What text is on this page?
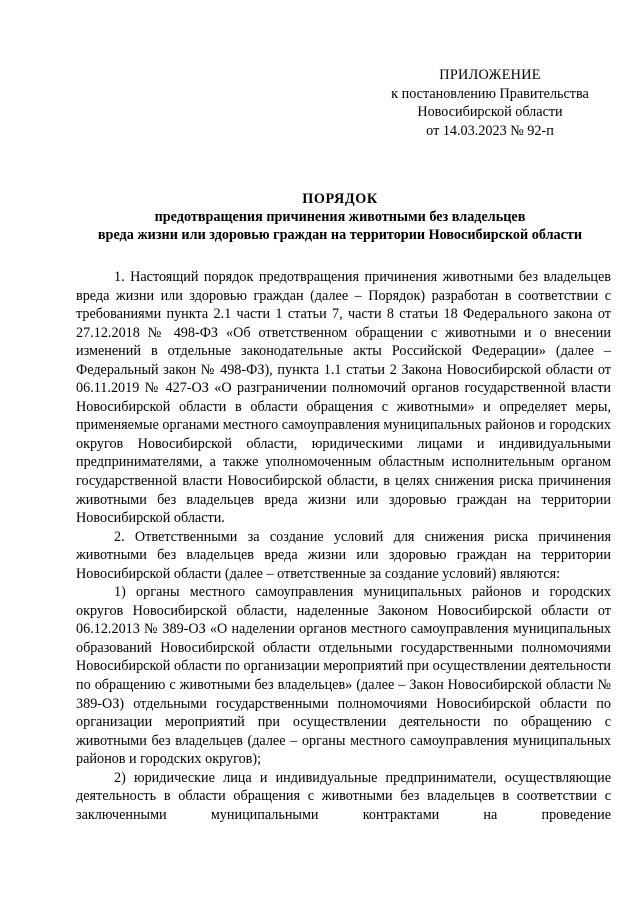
ПРИЛОЖЕНИЕ
к постановлению Правительства
Новосибирской области
от 14.03.2023 № 92-п
ПОРЯДОК
предотвращения причинения животными без владельцев
вреда жизни или здоровью граждан на территории Новосибирской области

1. Настоящий порядок предотвращения причинения животными без владельцев вреда жизни или здоровью граждан (далее – Порядок) разработан в соответствии с требованиями пункта 2.1 части 1 статьи 7, части 8 статьи 18 Федерального закона от 27.12.2018 № 498-ФЗ «Об ответственном обращении с животными и о внесении изменений в отдельные законодательные акты Российской Федерации» (далее – Федеральный закон № 498-ФЗ), пункта 1.1 статьи 2 Закона Новосибирской области от 06.11.2019 № 427-ОЗ «О разграничении полномочий органов государственной власти Новосибирской области в области обращения с животными» и определяет меры, применяемые органами местного самоуправления муниципальных районов и городских округов Новосибирской области, юридическими лицами и индивидуальными предпринимателями, а также уполномоченным областным исполнительным органом государственной власти Новосибирской области, в целях снижения риска причинения животными без владельцев вреда жизни или здоровью граждан на территории Новосибирской области.

2. Ответственными за создание условий для снижения риска причинения животными без владельцев вреда жизни или здоровью граждан на территории Новосибирской области (далее – ответственные за создание условий) являются:

1) органы местного самоуправления муниципальных районов и городских округов Новосибирской области, наделенные Законом Новосибирской области от 06.12.2013 № 389-ОЗ «О наделении органов местного самоуправления муниципальных образований Новосибирской области отдельными государственными полномочиями Новосибирской области по организации мероприятий при осуществлении деятельности по обращению с животными без владельцев» (далее – Закон Новосибирской области № 389-ОЗ) отдельными государственными полномочиями Новосибирской области по организации мероприятий при осуществлении деятельности по обращению с животными без владельцев (далее – органы местного самоуправления муниципальных районов и городских округов);

2) юридические лица и индивидуальные предприниматели, осуществляющие деятельность в области обращения с животными без владельцев в соответствии с заключенными муниципальными контрактами на проведение
